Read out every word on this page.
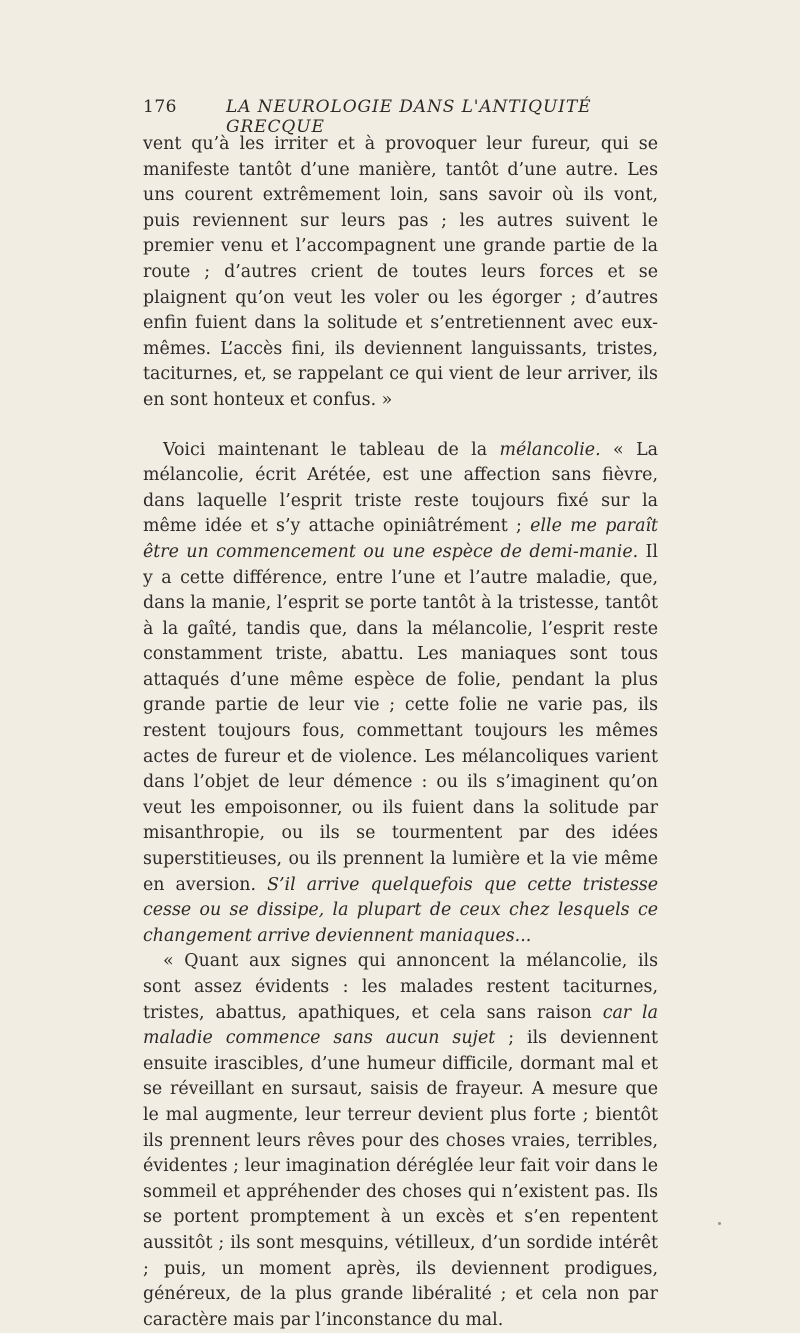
176	LA NEUROLOGIE DANS L'ANTIQUITÉ GRECQUE

vent qu’à les irriter et à provoquer leur fureur, qui se manifeste tantôt d’une manière, tantôt d’une autre. Les uns courent extrêmement loin, sans savoir où ils vont, puis reviennent sur leurs pas ; les autres suivent le premier venu et l’accompagnent une grande partie de la route ; d’autres crient de toutes leurs forces et se plaignent qu’on veut les voler ou les égorger ; d’autres enfin fuient dans la solitude et s’entretiennent avec eux-mêmes. L’accès fini, ils deviennent languissants, tristes, taciturnes, et, se rappelant ce qui vient de leur arriver, ils en sont honteux et confus. »

Voici maintenant le tableau de la mélancolie. « La mélancolie, écrit Arétée, est une affection sans fièvre, dans laquelle l’esprit triste reste toujours fixé sur la même idée et s’y attache opiniâtrément ; elle me paraît être un commencement ou une espèce de demi-manie. Il y a cette différence, entre l’une et l’autre maladie, que, dans la manie, l’esprit se porte tantôt à la tristesse, tantôt à la gaîté, tandis que, dans la mélancolie, l’esprit reste constamment triste, abattu. Les maniaques sont tous attaqués d’une même espèce de folie, pendant la plus grande partie de leur vie ; cette folie ne varie pas, ils restent toujours fous, commettant toujours les mêmes actes de fureur et de violence. Les mélancoliques varient dans l’objet de leur démence : ou ils s’imaginent qu’on veut les empoisonner, ou ils fuient dans la solitude par misanthropie, ou ils se tourmentent par des idées superstitieuses, ou ils prennent la lumière et la vie même en aversion. S’il arrive quelquefois que cette tristesse cesse ou se dissipe, la plupart de ceux chez lesquels ce changement arrive deviennent maniaques...

« Quant aux signes qui annoncent la mélancolie, ils sont assez évidents : les malades restent taciturnes, tristes, abattus, apathiques, et cela sans raison car la maladie commence sans aucun sujet ; ils deviennent ensuite irascibles, d’une humeur difficile, dormant mal et se réveillant en sursaut, saisis de frayeur. A mesure que le mal augmente, leur terreur devient plus forte ; bientôt ils prennent leurs rêves pour des choses vraies, terribles, évidentes ; leur imagination déréglée leur fait voir dans le sommeil et appréhender des choses qui n’existent pas. Ils se portent promptement à un excès et s’en repentent aussitôt ; ils sont mesquins, vétilleux, d’un sordide intérêt ; puis, un moment après, ils deviennent prodigues, généreux, de la plus grande libéralité ; et cela non par caractère mais par l’inconstance du mal.
